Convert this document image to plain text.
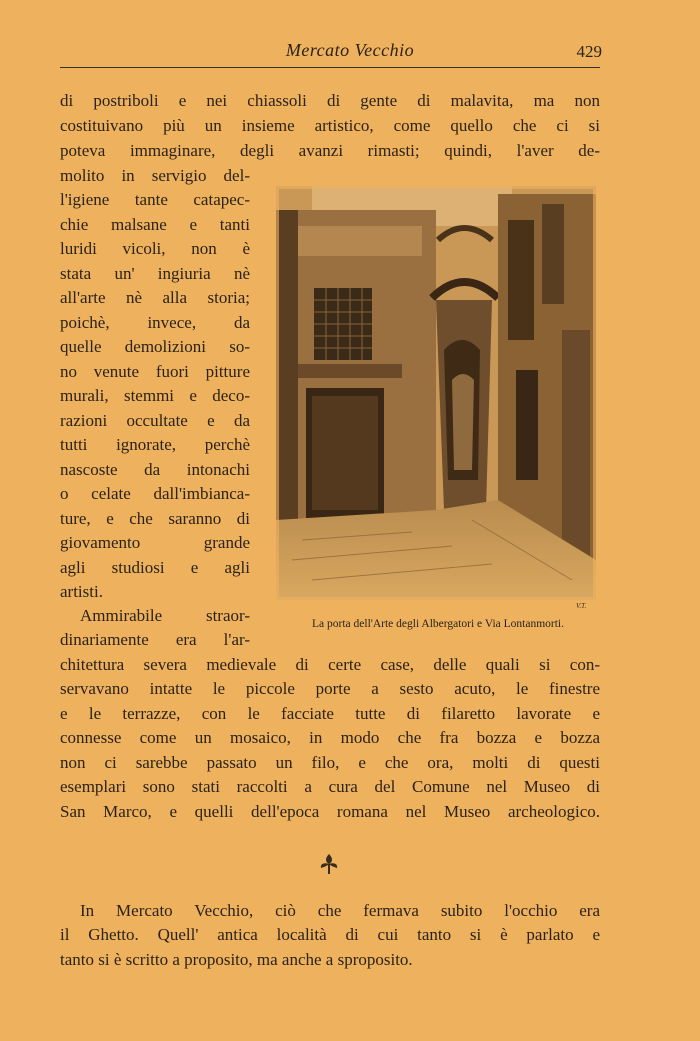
Mercato Vecchio	429
di postriboli e nei chiassoli di gente di malavita, ma non
costituivano più un insieme artistico, come quello che ci si
poteva immaginare, degli avanzi rimasti; quindi, l'aver de-
molito in servigio del-
l'igiene tante catapec-
chie malsane e tanti
luridi vicoli, non è
stata un' ingiuria nè
all'arte nè alla storia;
poichè, invece, da
quelle demolizioni so-
no venute fuori pitture
murali, stemmi e deco-
razioni occultate e da
tutti ignorate, perchè
nascoste da intonachi
o celate dall'imbianca-
ture, e che saranno di
giovamento grande
agli studiosi e agli
artisti.
Ammirabile straor-
dinariamente era l'ar-
V.T.
La porta dell'Arte degli Albergatori e Via Lontanmorti.
chitettura severa medievale di certe case, delle quali si con-
servavano intatte le piccole porte a sesto acuto, le finestre
e le terrazze, con le facciate tutte di filaretto lavorate e
connesse come un mosaico, in modo che fra bozza e bozza
non ci sarebbe passato un filo, e che ora, molti di questi
esemplari sono stati raccolti a cura del Comune nel Museo di
San Marco, e quelli dell'epoca romana nel Museo archeologico.
In Mercato Vecchio, ciò che fermava subito l'occhio era
il Ghetto. Quell' antica località di cui tanto si è parlato e
tanto si è scritto a proposito, ma anche a sproposito.
